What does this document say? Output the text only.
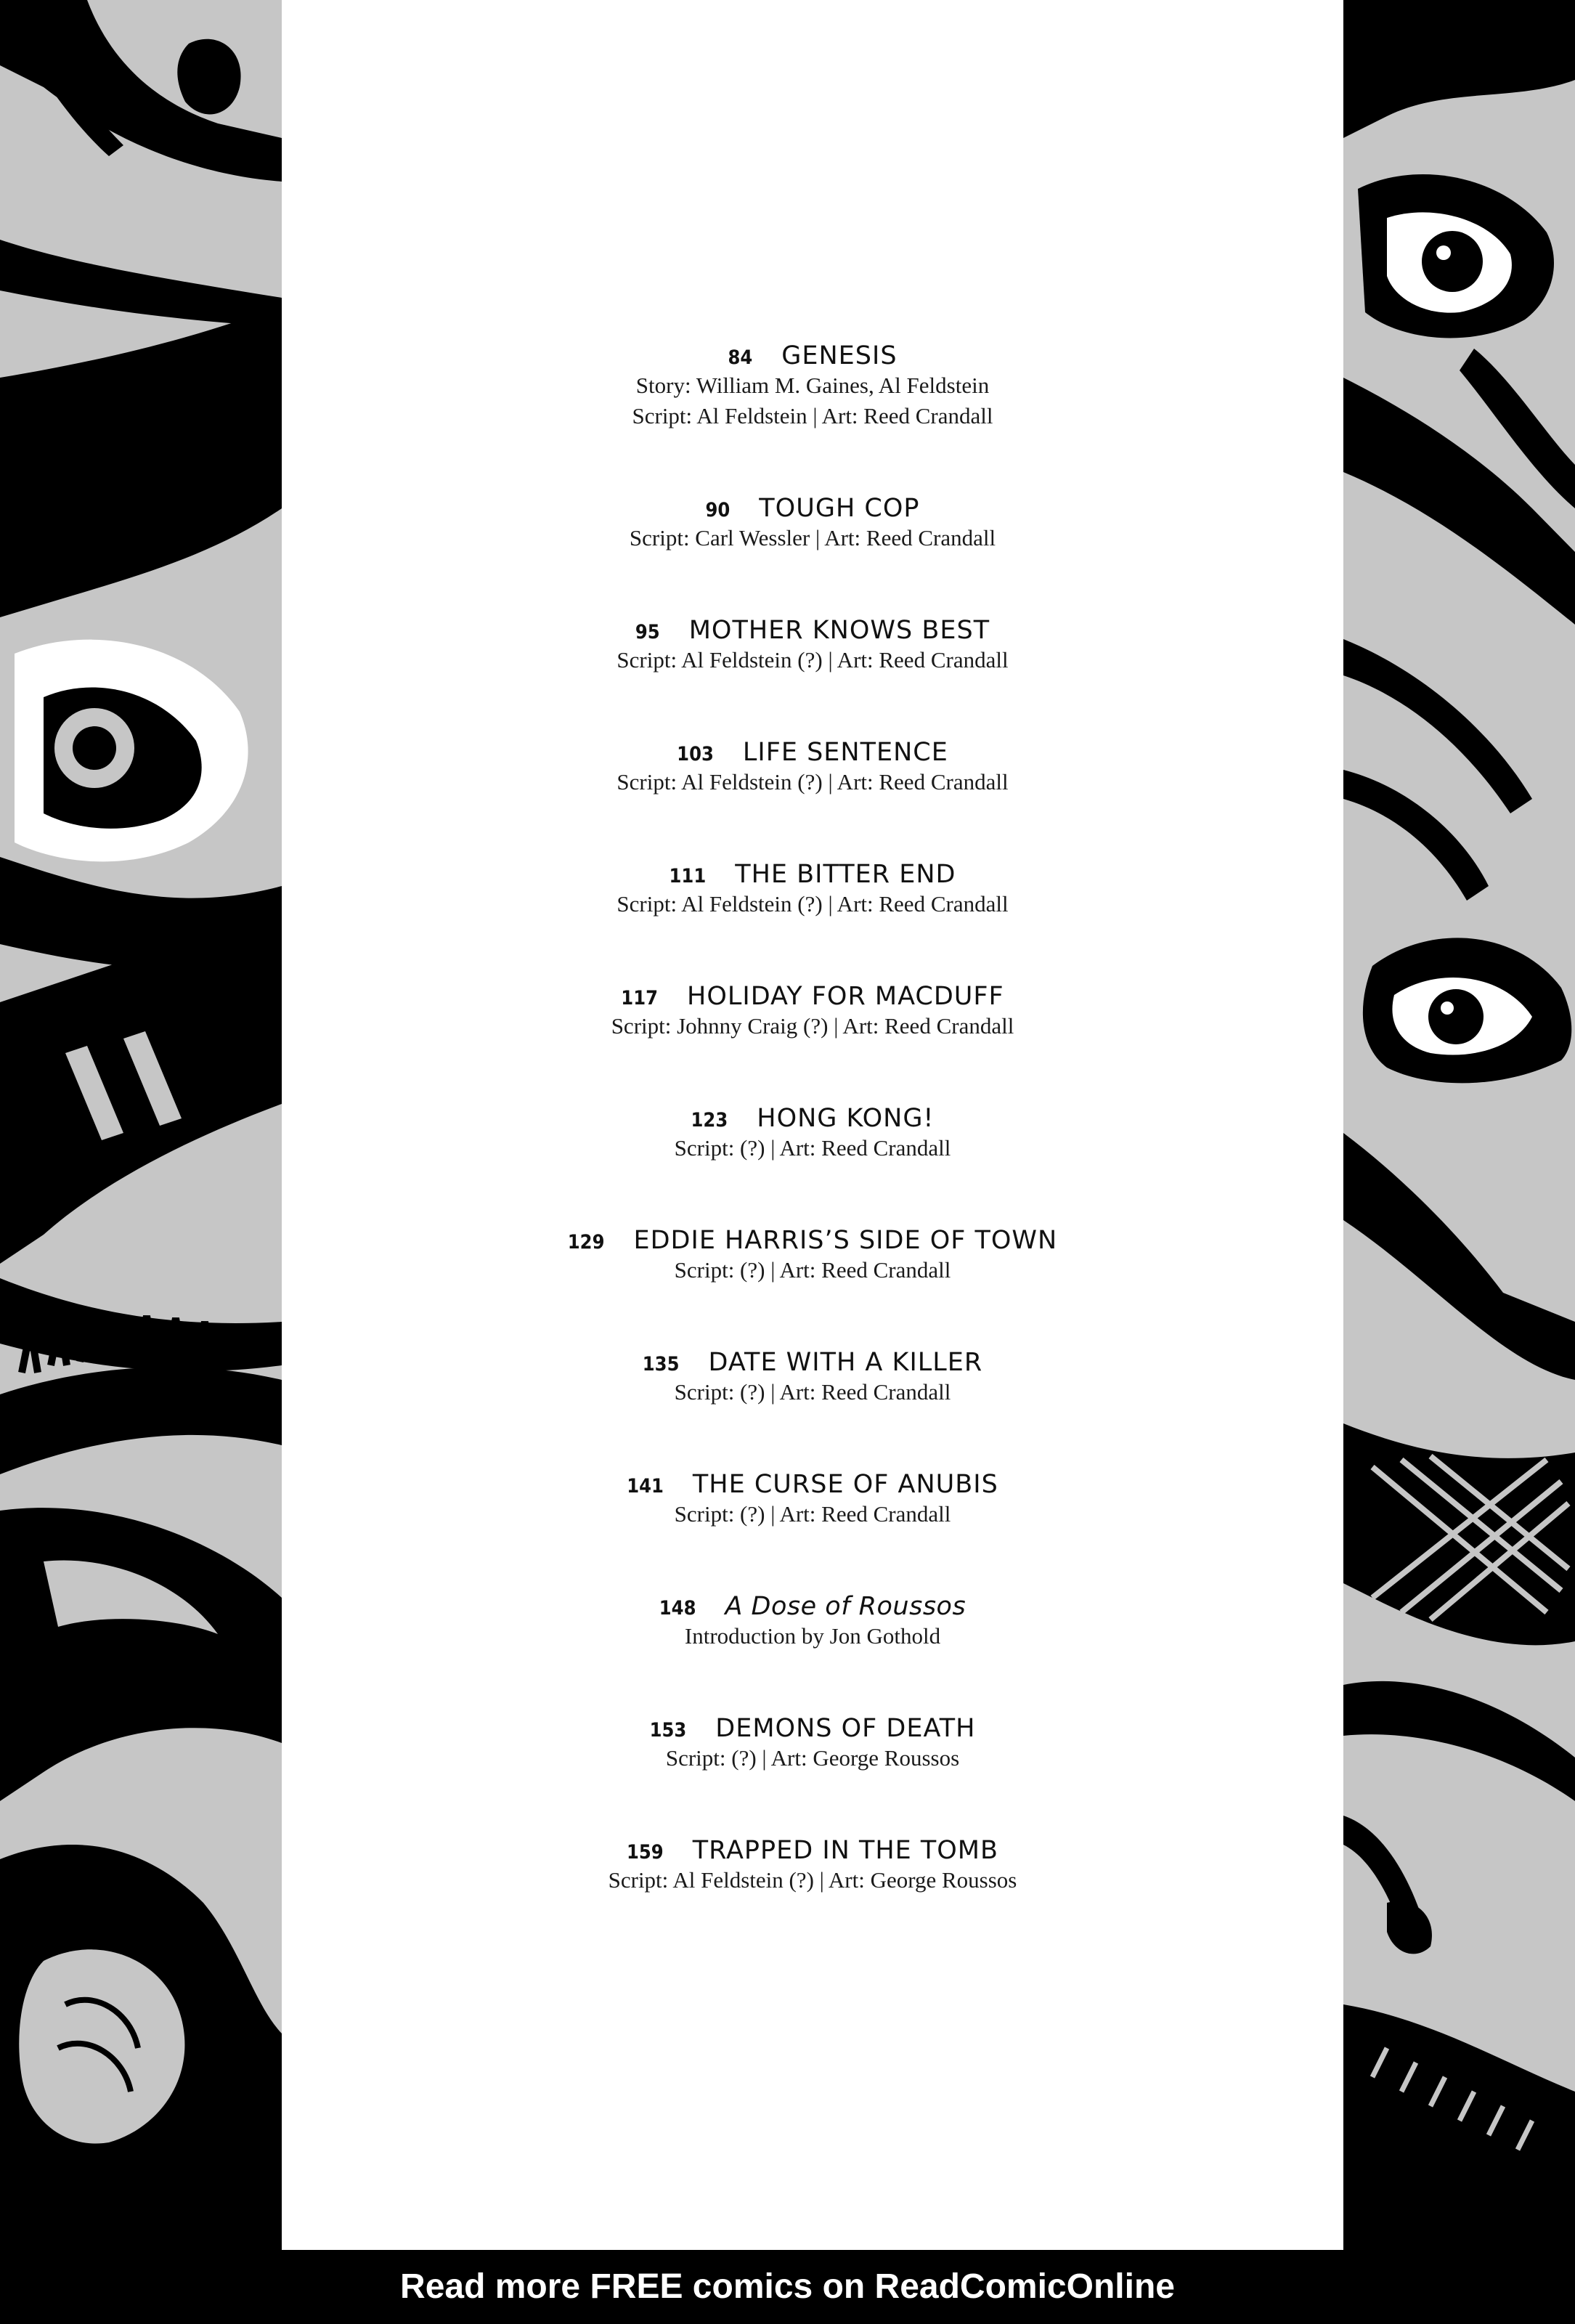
84 GENESIS
Story: William M. Gaines, Al Feldstein
Script: Al Feldstein | Art: Reed Crandall
90 TOUGH COP
Script: Carl Wessler | Art: Reed Crandall
95 MOTHER KNOWS BEST
Script: Al Feldstein (?) | Art: Reed Crandall
103 LIFE SENTENCE
Script: Al Feldstein (?) | Art: Reed Crandall
111 THE BITTER END
Script: Al Feldstein (?) | Art: Reed Crandall
117 HOLIDAY FOR MACDUFF
Script: Johnny Craig (?) | Art: Reed Crandall
123 HONG KONG!
Script: (?) | Art: Reed Crandall
129 EDDIE HARRIS’S SIDE OF TOWN
Script: (?) | Art: Reed Crandall
135 DATE WITH A KILLER
Script: (?) | Art: Reed Crandall
141 THE CURSE OF ANUBIS
Script: (?) | Art: Reed Crandall
148 A Dose of Roussos
Introduction by Jon Gothold
153 DEMONS OF DEATH
Script: (?) | Art: George Roussos
159 TRAPPED IN THE TOMB
Script: Al Feldstein (?) | Art: George Roussos
Read more FREE comics on ReadComicOnline
